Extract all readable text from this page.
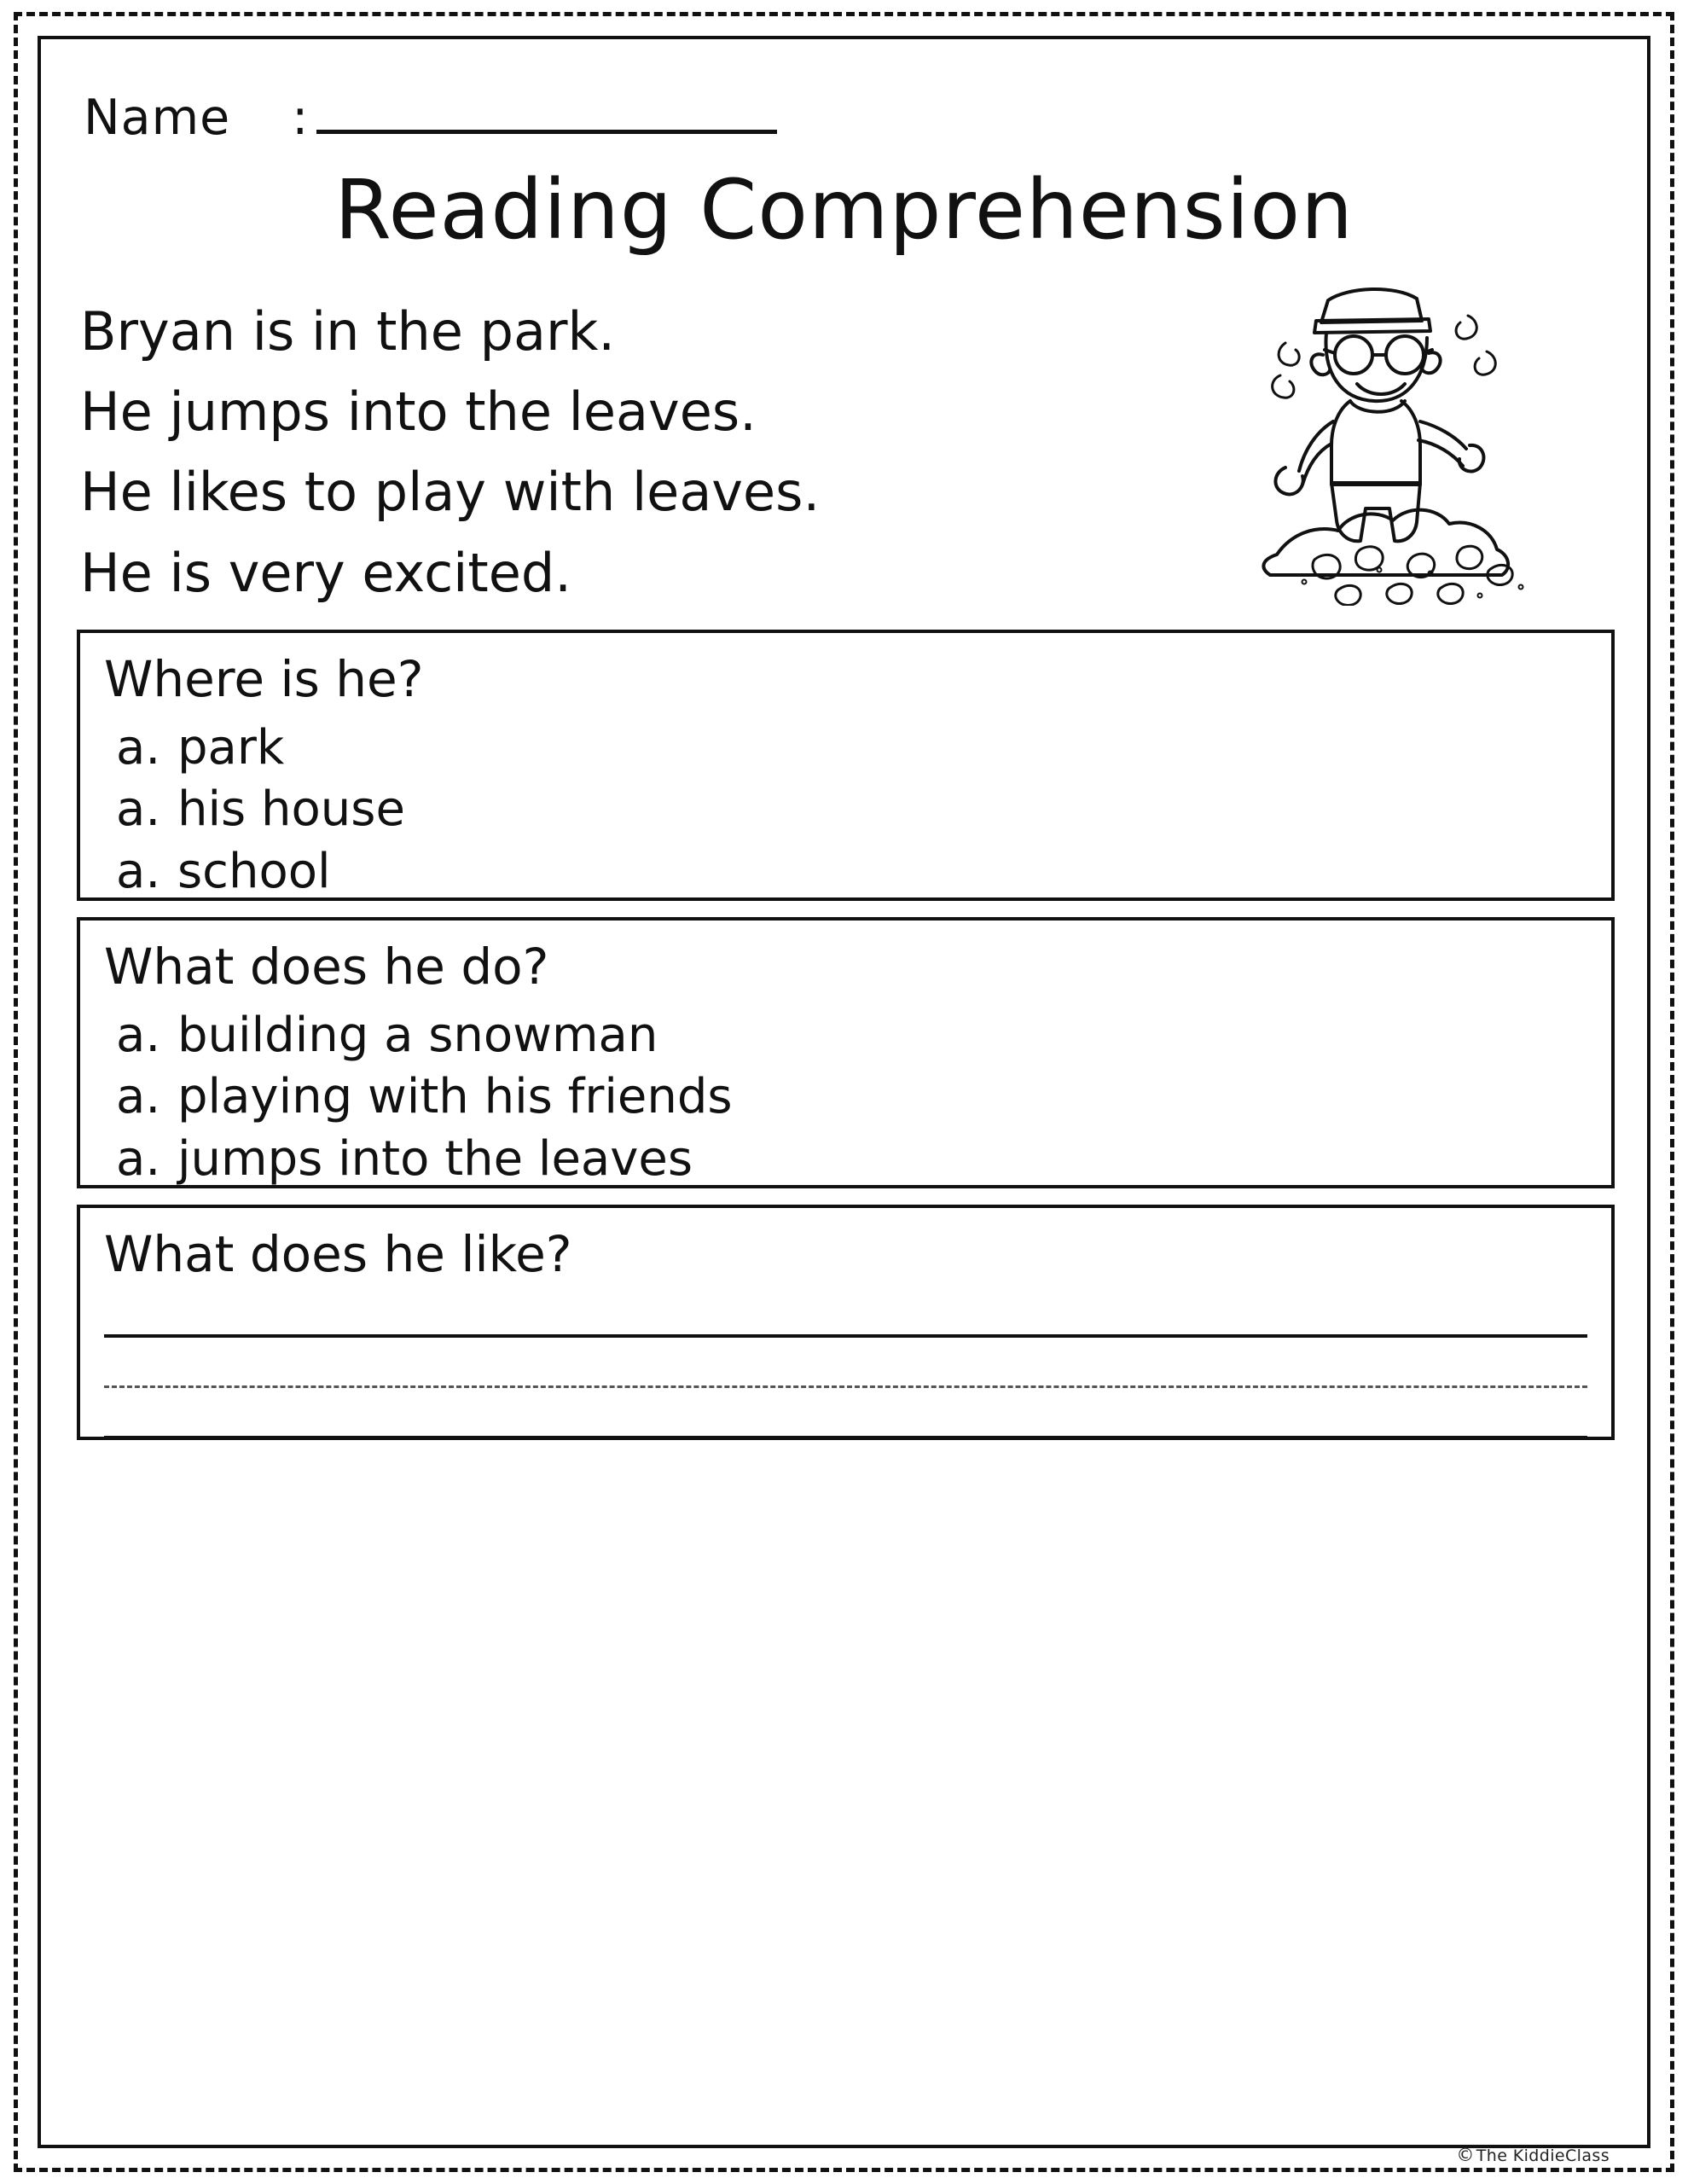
Name :
Reading Comprehension
Bryan is in the park.
He jumps into the leaves.
He likes to play with leaves.
He is very excited.
Where is he?
a. park
a. his house
a. school
What does he do?
a. building a snowman
a. playing with his friends
a. jumps into the leaves
What does he like?
© The KiddieClass
